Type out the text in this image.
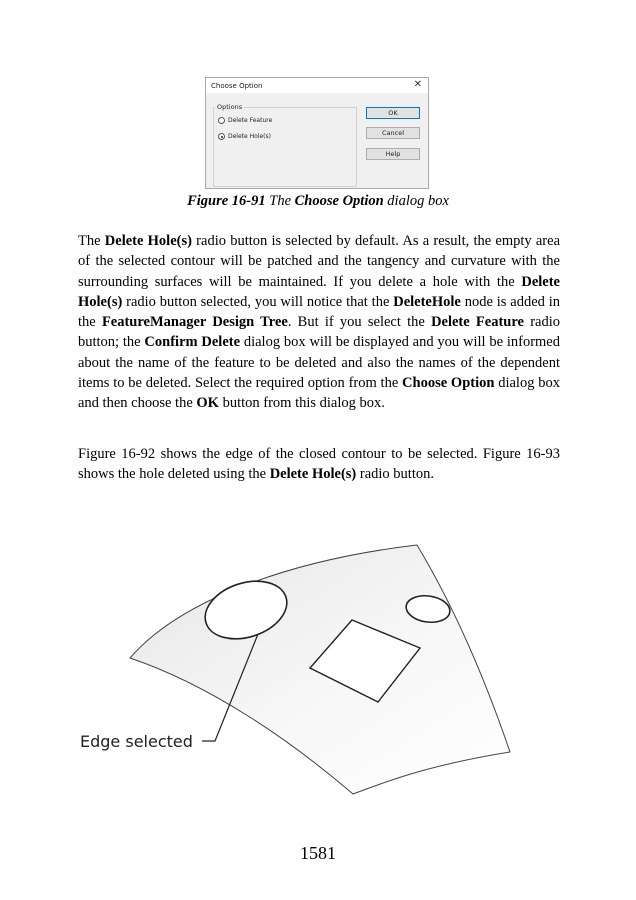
Choose Option	✕
Options
Delete Feature
Delete Hole(s)
OK
Cancel
Help
Figure 16-91 The Choose Option dialog box

The Delete Hole(s) radio button is selected by default. As a result, the empty area of the selected contour will be patched and the tangency and curvature with the surrounding surfaces will be maintained. If you delete a hole with the Delete Hole(s) radio button selected, you will notice that the DeleteHole node is added in the FeatureManager Design Tree. But if you select the Delete Feature radio button; the Confirm Delete dialog box will be displayed and you will be informed about the name of the feature to be deleted and also the names of the dependent items to be deleted. Select the required option from the Choose Option dialog box and then choose the OK button from this dialog box.

Figure 16-92 shows the edge of the closed contour to be selected. Figure 16-93 shows the hole deleted using the Delete Hole(s) radio button.

Edge selected
1581
